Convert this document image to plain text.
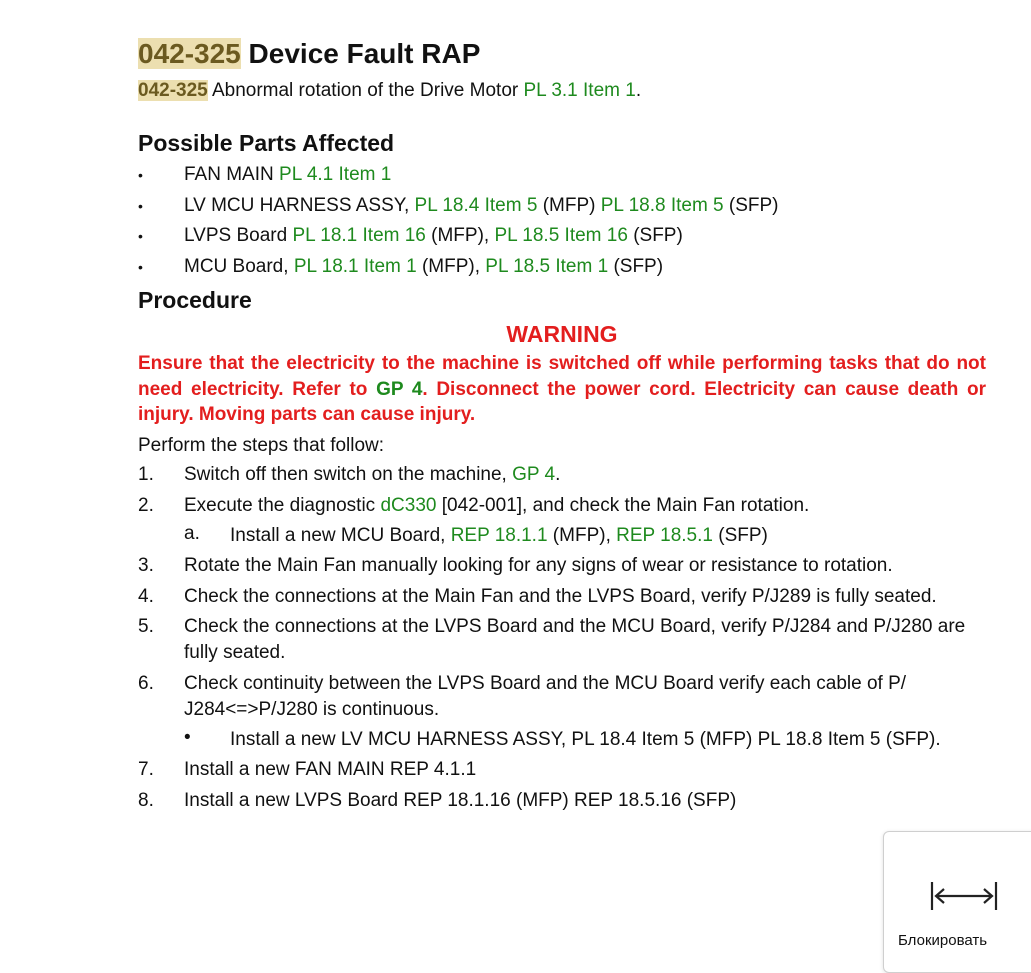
042-325 Device Fault RAP
042-325 Abnormal rotation of the Drive Motor PL 3.1 Item 1.
Possible Parts Affected
• FAN MAIN PL 4.1 Item 1
• LV MCU HARNESS ASSY, PL 18.4 Item 5 (MFP) PL 18.8 Item 5 (SFP)
• LVPS Board PL 18.1 Item 16 (MFP), PL 18.5 Item 16 (SFP)
• MCU Board, PL 18.1 Item 1 (MFP), PL 18.5 Item 1 (SFP)
Procedure
WARNING
Ensure that the electricity to the machine is switched off while performing tasks that do not need electricity. Refer to GP 4. Disconnect the power cord. Electricity can cause death or injury. Moving parts can cause injury.
Perform the steps that follow:
1. Switch off then switch on the machine, GP 4.
2. Execute the diagnostic dC330 [042-001], and check the Main Fan rotation.
a. Install a new MCU Board, REP 18.1.1 (MFP), REP 18.5.1 (SFP)
3. Rotate the Main Fan manually looking for any signs of wear or resistance to rotation.
4. Check the connections at the Main Fan and the LVPS Board, verify P/J289 is fully seated.
5. Check the connections at the LVPS Board and the MCU Board, verify P/J284 and P/J280 are fully seated.
6. Check continuity between the LVPS Board and the MCU Board verify each cable of P/ J284<=>P/J280 is continuous.
• Install a new LV MCU HARNESS ASSY, PL 18.4 Item 5 (MFP) PL 18.8 Item 5 (SFP).
7. Install a new FAN MAIN REP 4.1.1
8. Install a new LVPS Board REP 18.1.16 (MFP) REP 18.5.16 (SFP)
Блокировать
